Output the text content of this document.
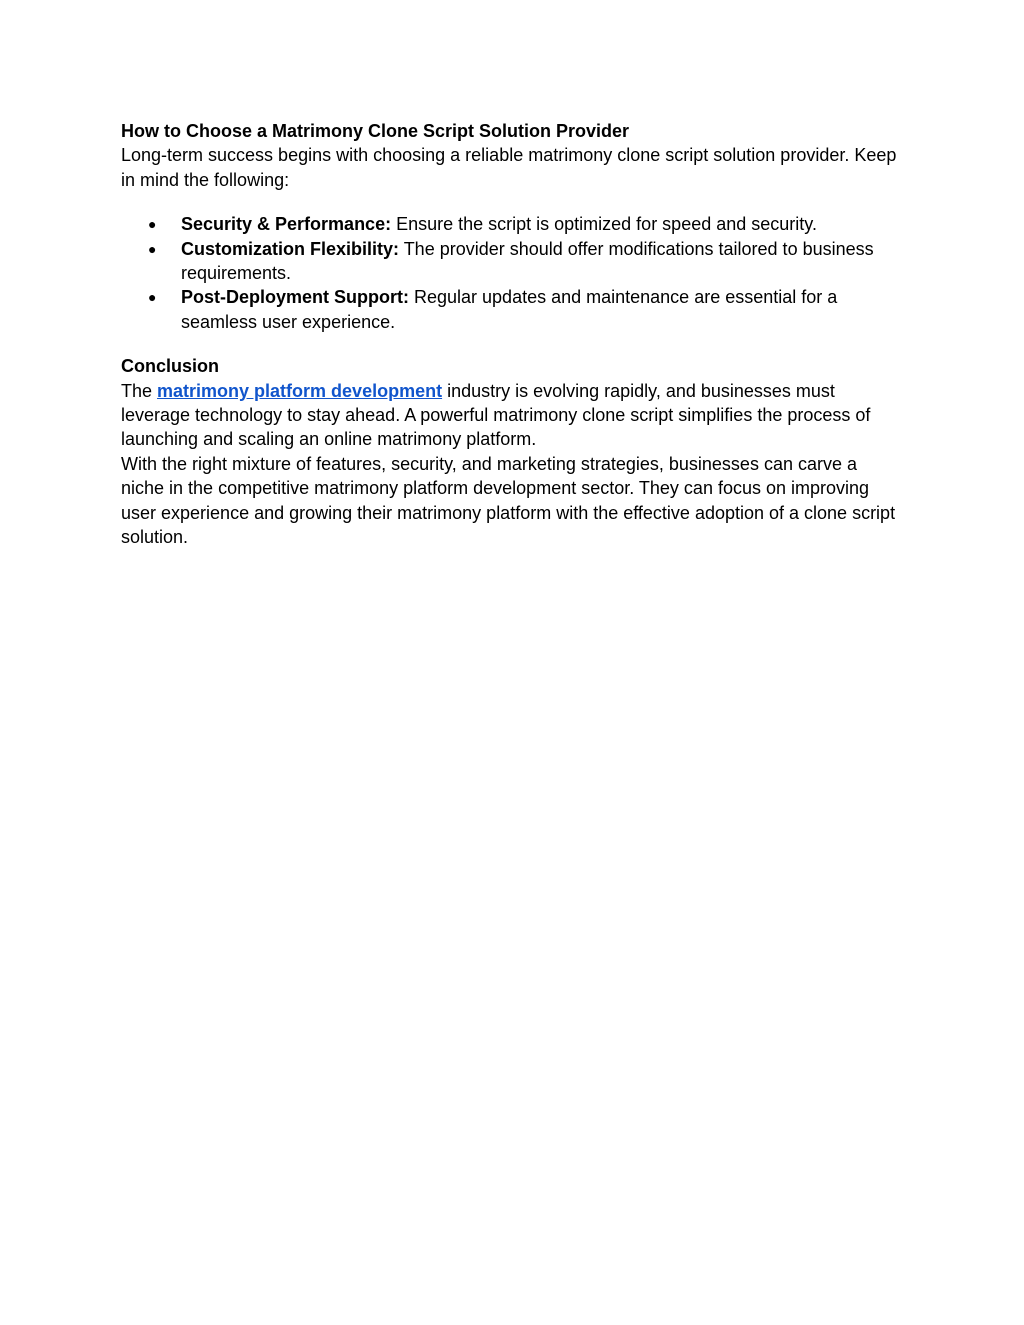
How to Choose a Matrimony Clone Script Solution Provider

Long-term success begins with choosing a reliable matrimony clone script solution provider. Keep in mind the following:

● Security & Performance: Ensure the script is optimized for speed and security.
● Customization Flexibility: The provider should offer modifications tailored to business requirements.
● Post-Deployment Support: Regular updates and maintenance are essential for a seamless user experience.

Conclusion

The matrimony platform development industry is evolving rapidly, and businesses must leverage technology to stay ahead. A powerful matrimony clone script simplifies the process of launching and scaling an online matrimony platform.

With the right mixture of features, security, and marketing strategies, businesses can carve a niche in the competitive matrimony platform development sector. They can focus on improving user experience and growing their matrimony platform with the effective adoption of a clone script solution.
